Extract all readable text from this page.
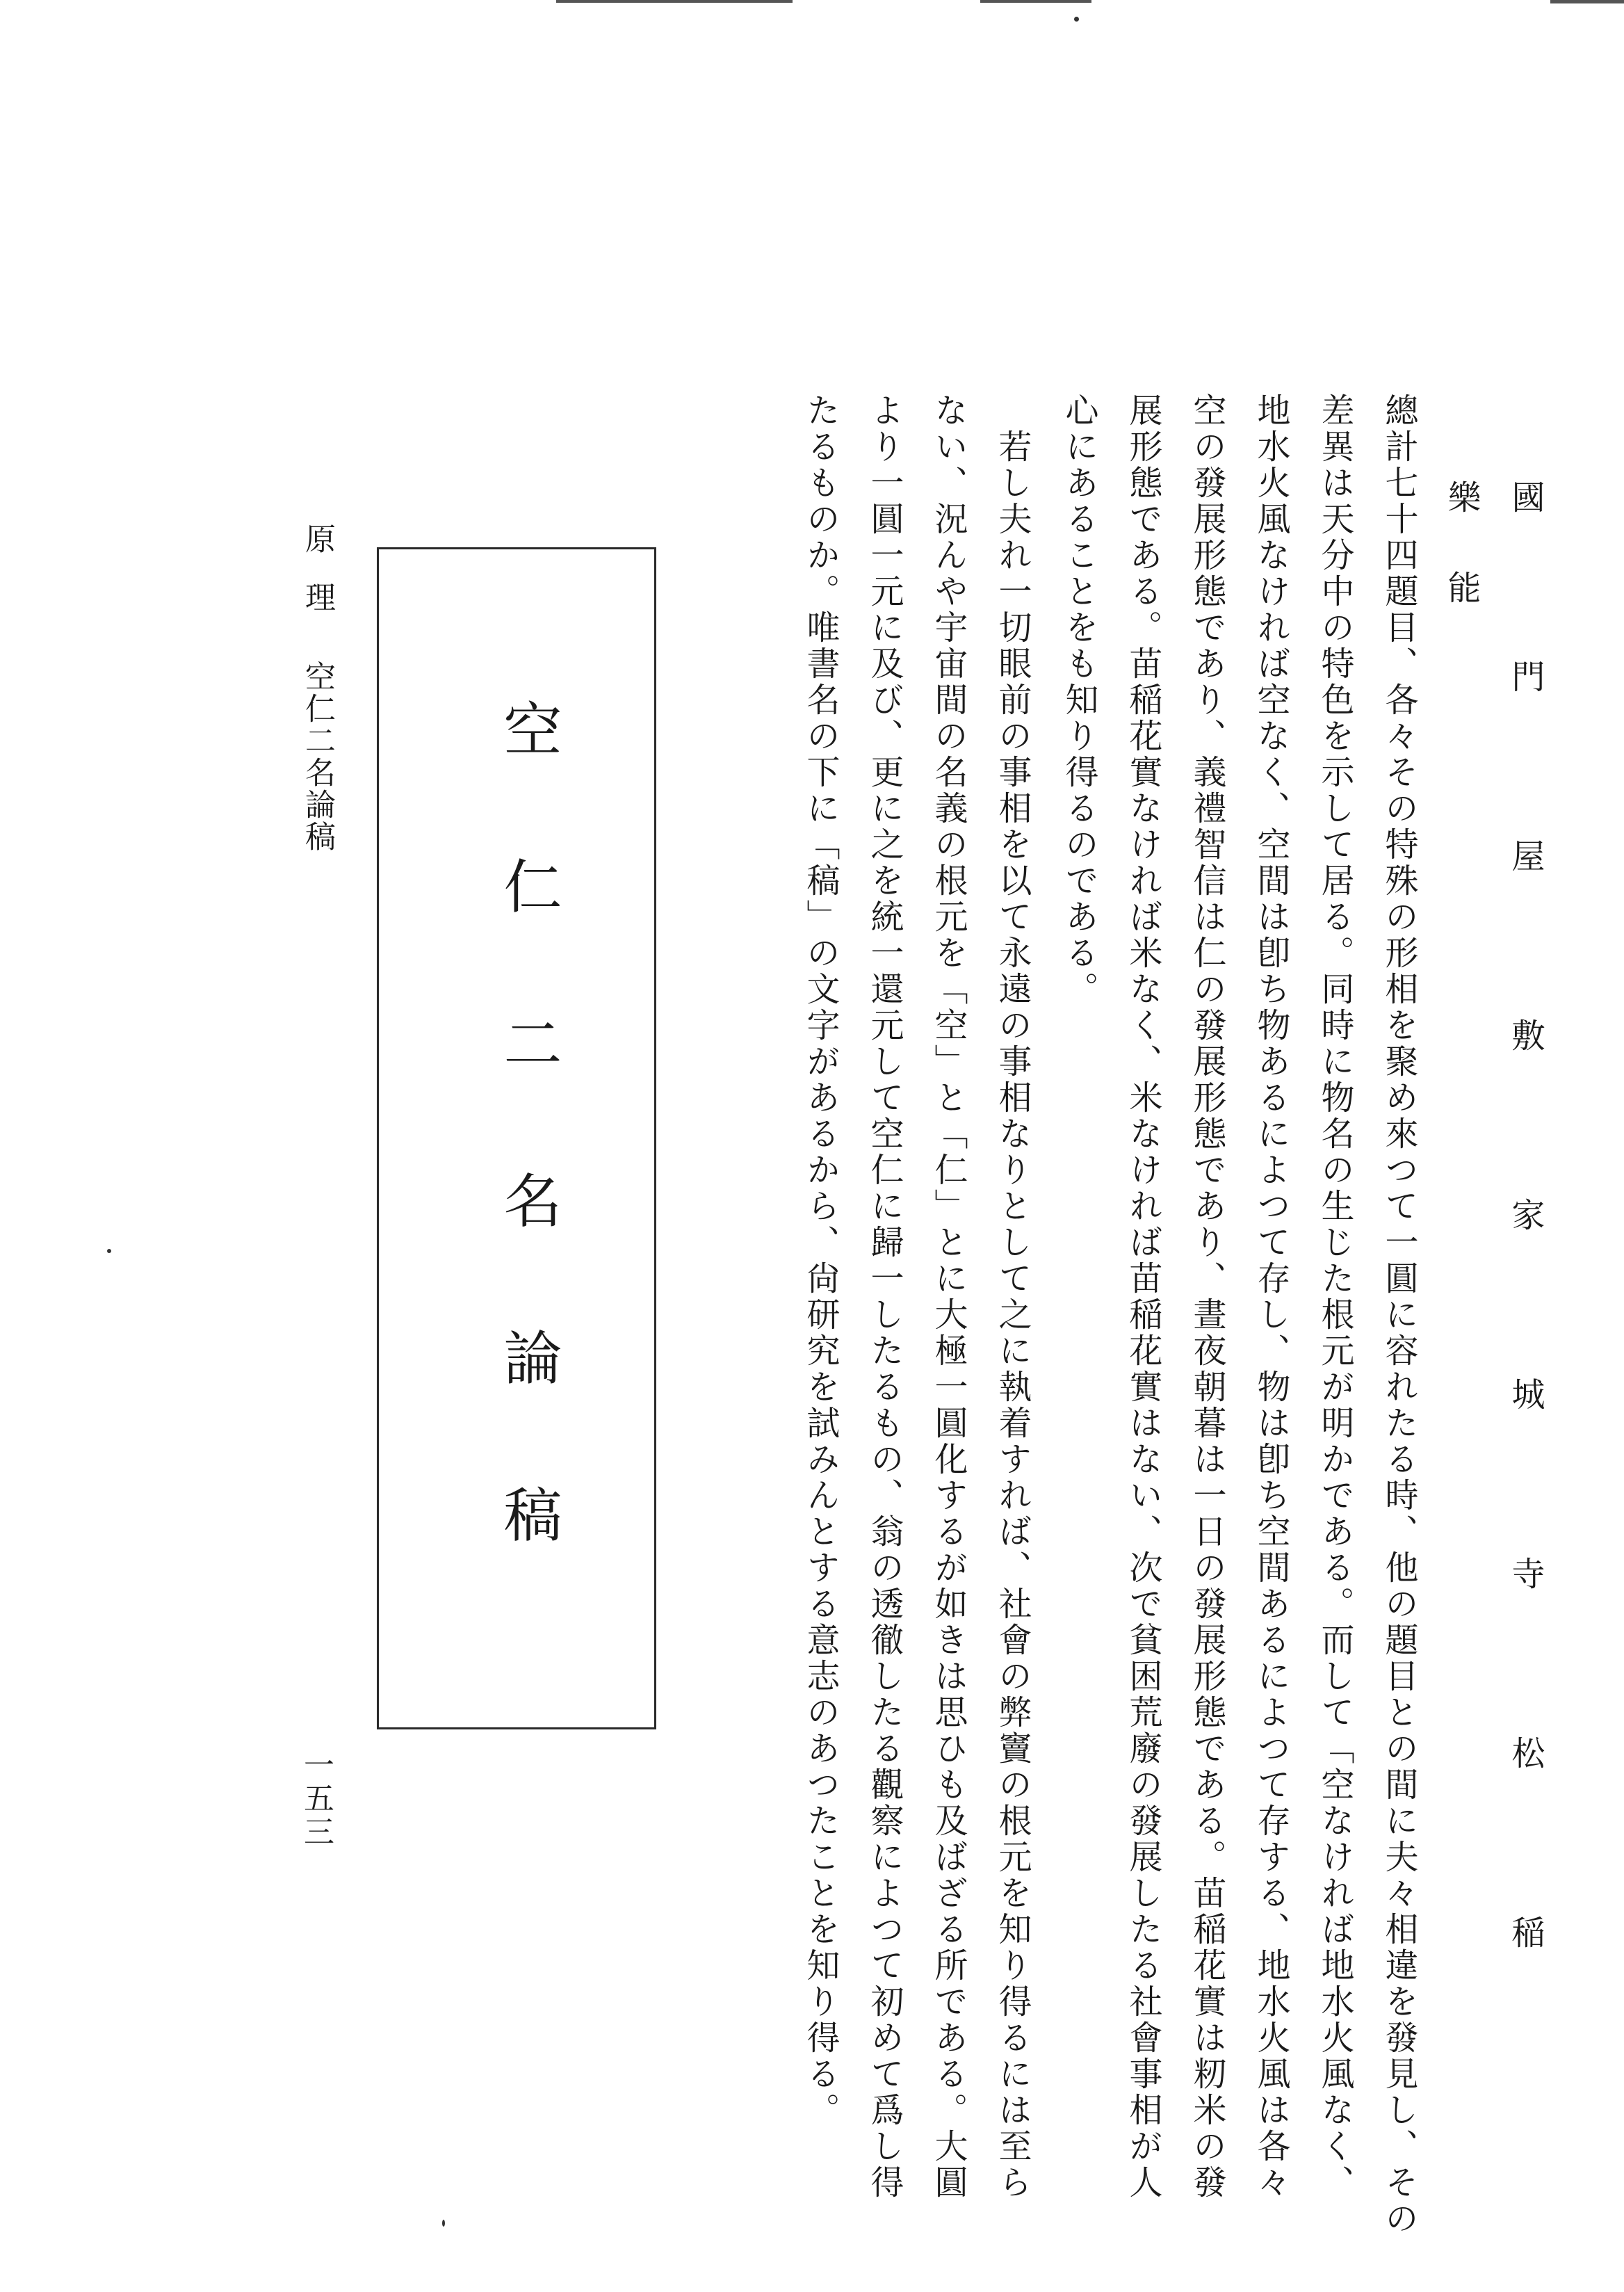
國門屋敷家城寺松稲
樂能
總計七十四題目、各々その特殊の形相を聚め來つて一圓に容れたる時、他の題目との間に夫々相違を發見し、その
差異は天分中の特色を示して居る。同時に物名の生じた根元が明かである。而して「空なければ地水火風なく、
地水火風なければ空なく、空間は卽ち物あるによつて存し、物は卽ち空間あるによつて存する、地水火風は各々
空の發展形態であり、義禮智信は仁の發展形態であり、晝夜朝暮は一日の發展形態である。苗稲花實は籾米の發
展形態である。苗稲花實なければ米なく、米なければ苗稲花實はない、次で貧困荒廢の發展したる社會事相が人
心にあることをも知り得るのである。
　若し夫れ一切眼前の事相を以て永遠の事相なりとして之に執着すれば、社會の弊竇の根元を知り得るには至ら
ない、況んや宇宙間の名義の根元を「空」と「仁」とに大極一圓化するが如きは思ひも及ばざる所である。大圓
より一圓一元に及び、更に之を統一還元して空仁に歸一したるもの、翁の透徹したる觀察によつて初めて爲し得
たるものか。唯書名の下に「稿」の文字があるから、尙研究を試みんとする意志のあつたことを知り得る。
空仁二名論稿
原理
空仁二名論稿
一五三
